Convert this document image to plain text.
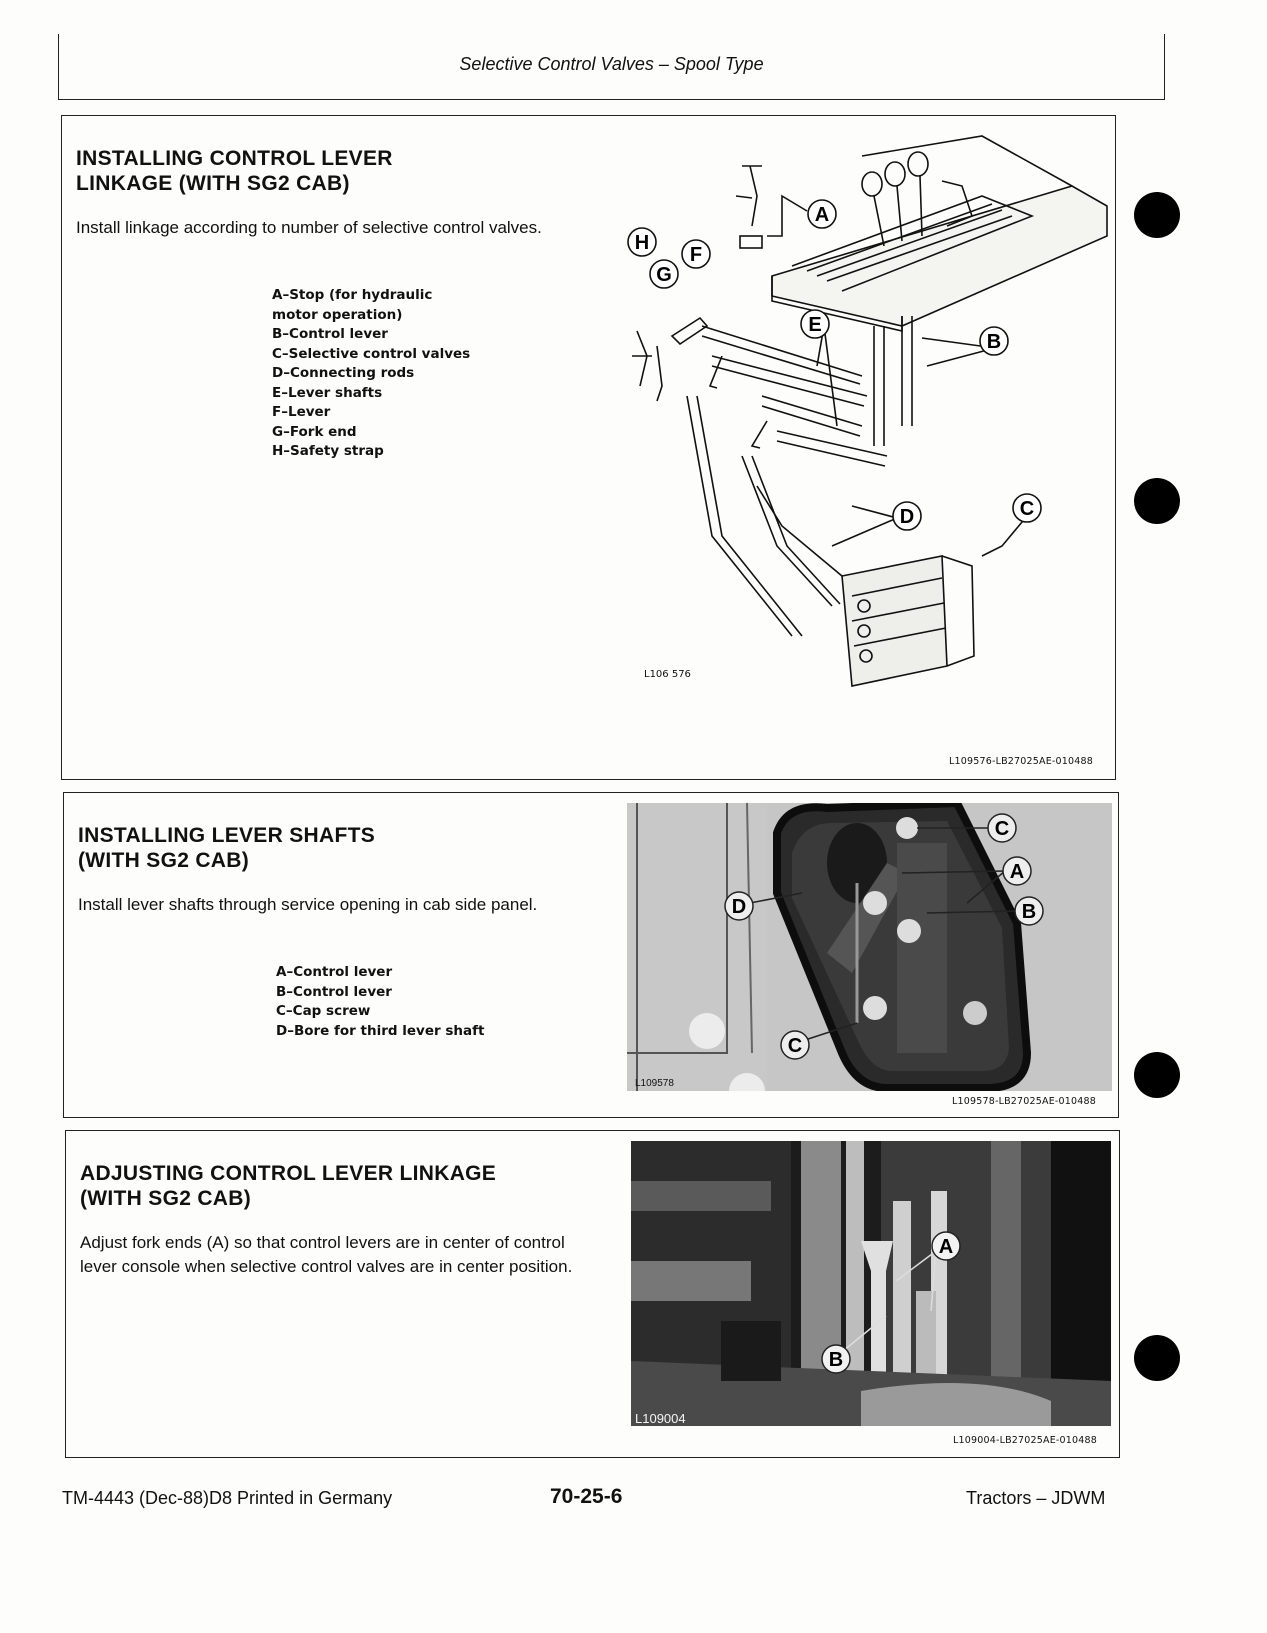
Selective Control Valves – Spool Type
INSTALLING CONTROL LEVER
LINKAGE (WITH SG2 CAB)
Install linkage according to number of selective control valves.
A–Stop (for hydraulic
motor operation)
B–Control lever
C–Selective control valves
D–Connecting rods
E–Lever shafts
F–Lever
G–Fork end
H–Safety strap
A
B
C
D
E
F
G
H
L106 576
L109576-LB27025AE-010488
INSTALLING LEVER SHAFTS
(WITH SG2 CAB)
Install lever shafts through service opening in cab side panel.
A–Control lever
B–Control lever
C–Cap screw
D–Bore for third lever shaft
C
A
B
D
C
L109578
L109578-LB27025AE-010488
ADJUSTING CONTROL LEVER LINKAGE
(WITH SG2 CAB)
Adjust fork ends (A) so that control levers are in center of control lever console when selective control valves are in center position.
A
B
L109004
L109004-LB27025AE-010488
TM-4443 (Dec-88)D8 Printed in Germany	70-25-6	Tractors – JDWM
